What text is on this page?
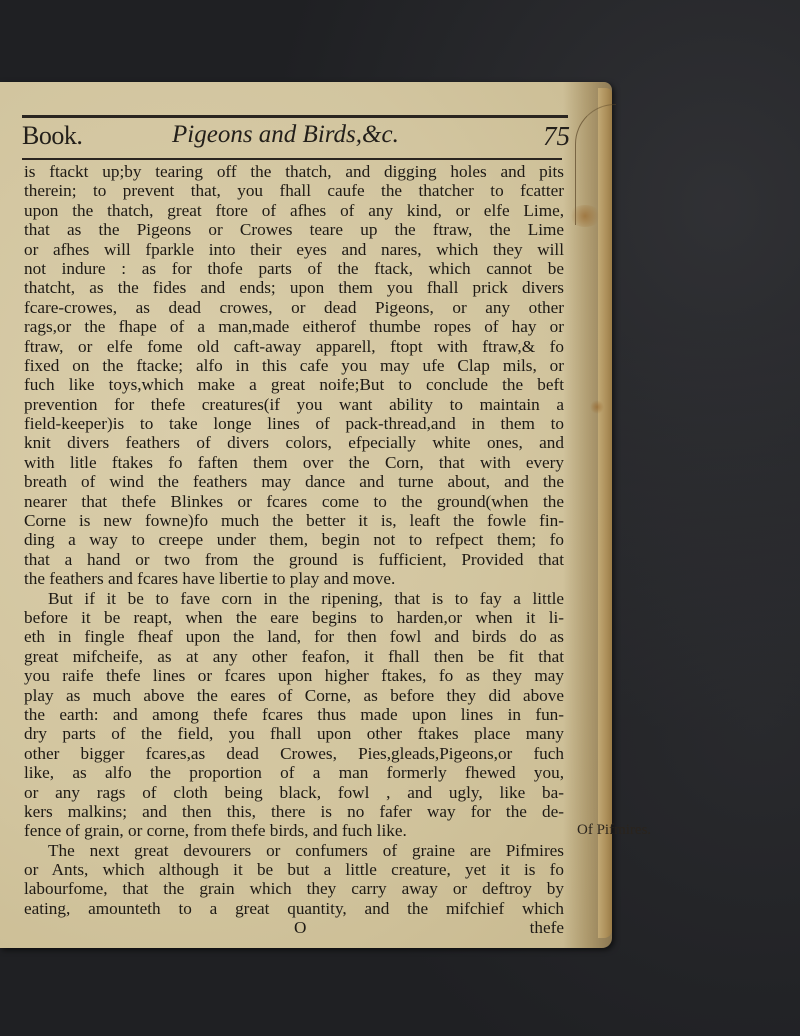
Book.	Pigeons and Birds,&c.	75
is ftackt up;by tearing off the thatch, and digging holes and pits
therein; to prevent that, you fhall caufe the thatcher to fcatter
upon the thatch, great ftore of afhes of any kind, or elfe Lime,
that as the Pigeons or Crowes teare up the ftraw, the Lime
or afhes will fparkle into their eyes and nares, which they will
not indure : as for thofe parts of the ftack, which cannot be
thatcht, as the fides and ends; upon them you fhall prick divers
fcare-crowes, as dead crowes, or dead Pigeons, or any other
rags,or the fhape of a man,made eitherof thumbe ropes of hay or
ftraw, or elfe fome old caft-away apparell, ftopt with ftraw,& fo
fixed on the ftacke; alfo in this cafe you may ufe Clap mils, or
fuch like toys,which make a great noife;But to conclude the beft
prevention for thefe creatures(if you want ability to maintain a
field-keeper)is to take longe lines of pack-thread,and in them to
knit divers feathers of divers colors, efpecially white ones, and
with litle ftakes fo faften them over the Corn, that with every
breath of wind the feathers may dance and turne about, and the
nearer that thefe Blinkes or fcares come to the ground(when the
Corne is new fowne)fo much the better it is, leaft the fowle fin-
ding a way to creepe under them, begin not to refpect them; fo
that a hand or two from the ground is fufficient, Provided that
the feathers and fcares have libertie to play and move.
But if it be to fave corn in the ripening, that is to fay a little
before it be reapt, when the eare begins to harden,or when it li-
eth in fingle fheaf upon the land, for then fowl and birds do as
great mifcheife, as at any other feafon, it fhall then be fit that
you raife thefe lines or fcares upon higher ftakes, fo as they may
play as much above the eares of Corne, as before they did above
the earth: and among thefe fcares thus made upon lines in fun-
dry parts of the field, you fhall upon other ftakes place many
other bigger fcares,as dead Crowes, Pies,gleads,Pigeons,or fuch
like, as alfo the proportion of a man formerly fhewed you,
or any rags of cloth being black, fowl , and ugly, like ba-
kers malkins; and then this, there is no fafer way for the de-
fence of grain, or corne, from thefe birds, and fuch like.
The next great devourers or confumers of graine are Pifmires
or Ants, which although it be but a little creature, yet it is fo
labourfome, that the grain which they carry away or deftroy by
eating, amounteth to a great quantity, and the mifchief which
O	thefe
Of Pifmires.
